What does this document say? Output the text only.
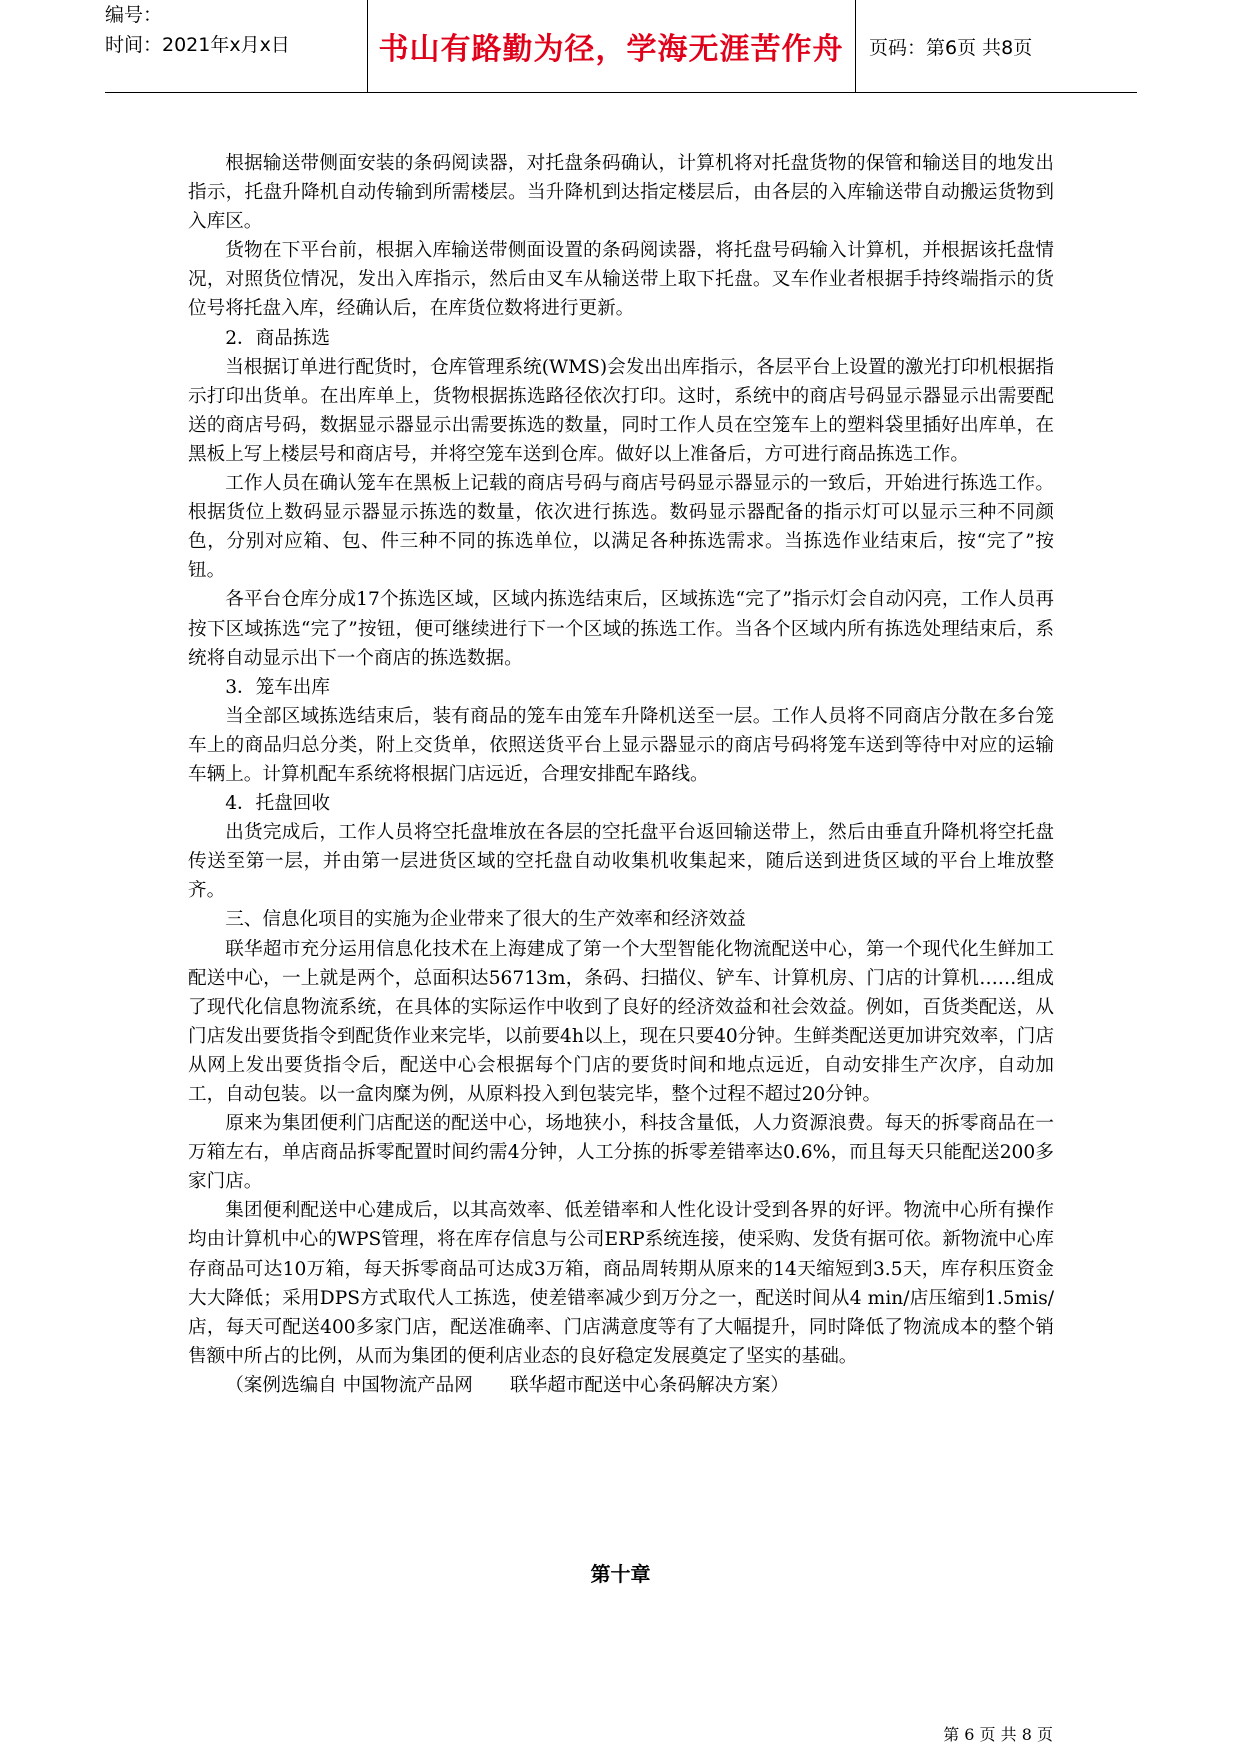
编号：
时间：2021年x月x日	书山有路勤为径，学海无涯苦作舟	页码：第6页 共8页

根据输送带侧面安装的条码阅读器，对托盘条码确认，计算机将对托盘货物的保管和输送目的地发出指示，托盘升降机自动传输到所需楼层。当升降机到达指定楼层后，由各层的入库输送带自动搬运货物到入库区。

货物在下平台前，根据入库输送带侧面设置的条码阅读器，将托盘号码输入计算机，并根据该托盘情况，对照货位情况，发出入库指示，然后由叉车从输送带上取下托盘。叉车作业者根据手持终端指示的货位号将托盘入库，经确认后，在库货位数将进行更新。

2．商品拣选

当根据订单进行配货时，仓库管理系统(WMS)会发出出库指示，各层平台上设置的激光打印机根据指示打印出货单。在出库单上，货物根据拣选路径依次打印。这时，系统中的商店号码显示器显示出需要配送的商店号码，数据显示器显示出需要拣选的数量，同时工作人员在空笼车上的塑料袋里插好出库单，在黑板上写上楼层号和商店号，并将空笼车送到仓库。做好以上准备后，方可进行商品拣选工作。

工作人员在确认笼车在黑板上记载的商店号码与商店号码显示器显示的一致后，开始进行拣选工作。根据货位上数码显示器显示拣选的数量，依次进行拣选。数码显示器配备的指示灯可以显示三种不同颜色，分别对应箱、包、件三种不同的拣选单位，以满足各种拣选需求。当拣选作业结束后，按“完了”按钮。

各平台仓库分成17个拣选区域，区域内拣选结束后，区域拣选“完了”指示灯会自动闪亮，工作人员再按下区域拣选“完了”按钮，便可继续进行下一个区域的拣选工作。当各个区域内所有拣选处理结束后，系统将自动显示出下一个商店的拣选数据。

3．笼车出库

当全部区域拣选结束后，装有商品的笼车由笼车升降机送至一层。工作人员将不同商店分散在多台笼车上的商品归总分类，附上交货单，依照送货平台上显示器显示的商店号码将笼车送到等待中对应的运输车辆上。计算机配车系统将根据门店远近，合理安排配车路线。

4．托盘回收

出货完成后，工作人员将空托盘堆放在各层的空托盘平台返回输送带上，然后由垂直升降机将空托盘传送至第一层，并由第一层进货区域的空托盘自动收集机收集起来，随后送到进货区域的平台上堆放整齐。

三、信息化项目的实施为企业带来了很大的生产效率和经济效益

联华超市充分运用信息化技术在上海建成了第一个大型智能化物流配送中心，第一个现代化生鲜加工配送中心，一上就是两个，总面积达56713m，条码、扫描仪、铲车、计算机房、门店的计算机……组成了现代化信息物流系统，在具体的实际运作中收到了良好的经济效益和社会效益。例如，百货类配送，从门店发出要货指令到配货作业来完毕，以前要4h以上，现在只要40分钟。生鲜类配送更加讲究效率，门店从网上发出要货指令后，配送中心会根据每个门店的要货时间和地点远近，自动安排生产次序，自动加工，自动包装。以一盒肉糜为例，从原料投入到包装完毕，整个过程不超过20分钟。

原来为集团便利门店配送的配送中心，场地狭小，科技含量低，人力资源浪费。每天的拆零商品在一万箱左右，单店商品拆零配置时间约需4分钟，人工分拣的拆零差错率达0.6%，而且每天只能配送200多家门店。

集团便利配送中心建成后，以其高效率、低差错率和人性化设计受到各界的好评。物流中心所有操作均由计算机中心的WPS管理，将在库存信息与公司ERP系统连接，使采购、发货有据可依。新物流中心库存商品可达10万箱，每天拆零商品可达成3万箱，商品周转期从原来的14天缩短到3.5天，库存积压资金大大降低；采用DPS方式取代人工拣选，使差错率减少到万分之一，配送时间从4 min/店压缩到1.5mis/店，每天可配送400多家门店，配送准确率、门店满意度等有了大幅提升，同时降低了物流成本的整个销售额中所占的比例，从而为集团的便利店业态的良好稳定发展奠定了坚实的基础。

（案例选编自 中国物流产品网　　联华超市配送中心条码解决方案）

第十章
第 6 页 共 8 页
